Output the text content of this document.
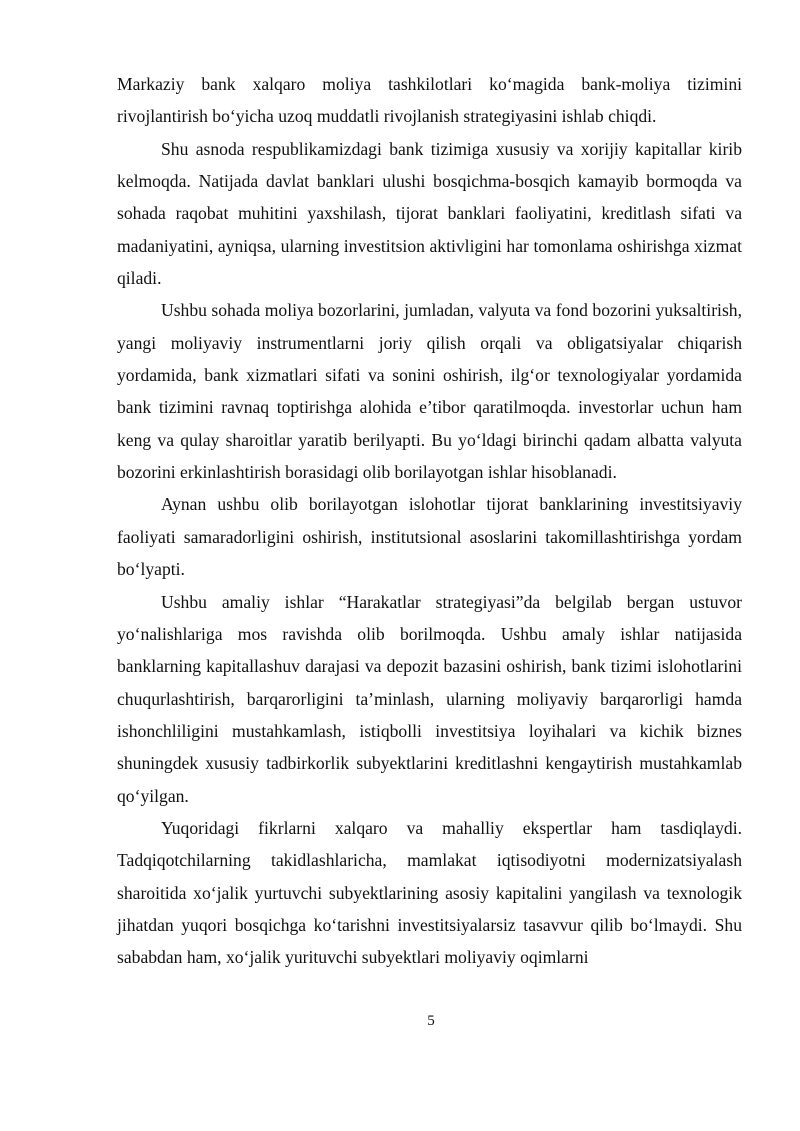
Markaziy bank xalqaro moliya tashkilotlari ko‘magida bank-moliya tizimini rivojlantirish bo‘yicha uzoq muddatli rivojlanish strategiyasini ishlab chiqdi.

Shu asnoda respublikamizdagi bank tizimiga xususiy va xorijiy kapitallar kirib kelmoqda. Natijada davlat banklari ulushi bosqichma-bosqich kamayib bormoqda va sohada raqobat muhitini yaxshilash, tijorat banklari faoliyatini, kreditlash sifati va madaniyatini, ayniqsa, ularning investitsion aktivligini har tomonlama oshirishga xizmat qiladi.

Ushbu sohada moliya bozorlarini, jumladan, valyuta va fond bozorini yuksaltirish, yangi moliyaviy instrumentlarni joriy qilish orqali va obligatsiyalar chiqarish yordamida, bank xizmatlari sifati va sonini oshirish, ilg‘or texnologiyalar yordamida bank tizimini ravnaq toptirishga alohida e’tibor qaratilmoqda. investorlar uchun ham keng va qulay sharoitlar yaratib berilyapti. Bu yo‘ldagi birinchi qadam albatta valyuta bozorini erkinlashtirish borasidagi olib borilayotgan ishlar hisoblanadi.

Aynan ushbu olib borilayotgan islohotlar tijorat banklarining investitsiyaviy faoliyati samaradorligini oshirish, institutsional asoslarini takomillashtirishga yordam bo‘lyapti.

Ushbu amaliy ishlar “Harakatlar strategiyasi”da belgilab bergan ustuvor yo‘nalishlariga mos ravishda olib borilmoqda. Ushbu amaly ishlar natijasida banklarning kapitallashuv darajasi va depozit bazasini oshirish, bank tizimi islohotlarini chuqurlashtirish, barqarorligini ta’minlash, ularning moliyaviy barqarorligi hamda ishonchliligini mustahkamlash, istiqbolli investitsiya loyihalari va kichik biznes shuningdek xususiy tadbirkorlik subyektlarini kreditlashni kengaytirish mustahkamlab qo‘yilgan.

Yuqoridagi fikrlarni xalqaro va mahalliy ekspertlar ham tasdiqlaydi. Tadqiqotchilarning takidlashlaricha, mamlakat iqtisodiyotni modernizatsiyalash sharoitida xo‘jalik yurtuvchi subyektlarining asosiy kapitalini yangilash va texnologik jihatdan yuqori bosqichga ko‘tarishni investitsiyalarsiz tasavvur qilib bo‘lmaydi. Shu sababdan ham, xo‘jalik yurituvchi subyektlari moliyaviy oqimlarni

5
